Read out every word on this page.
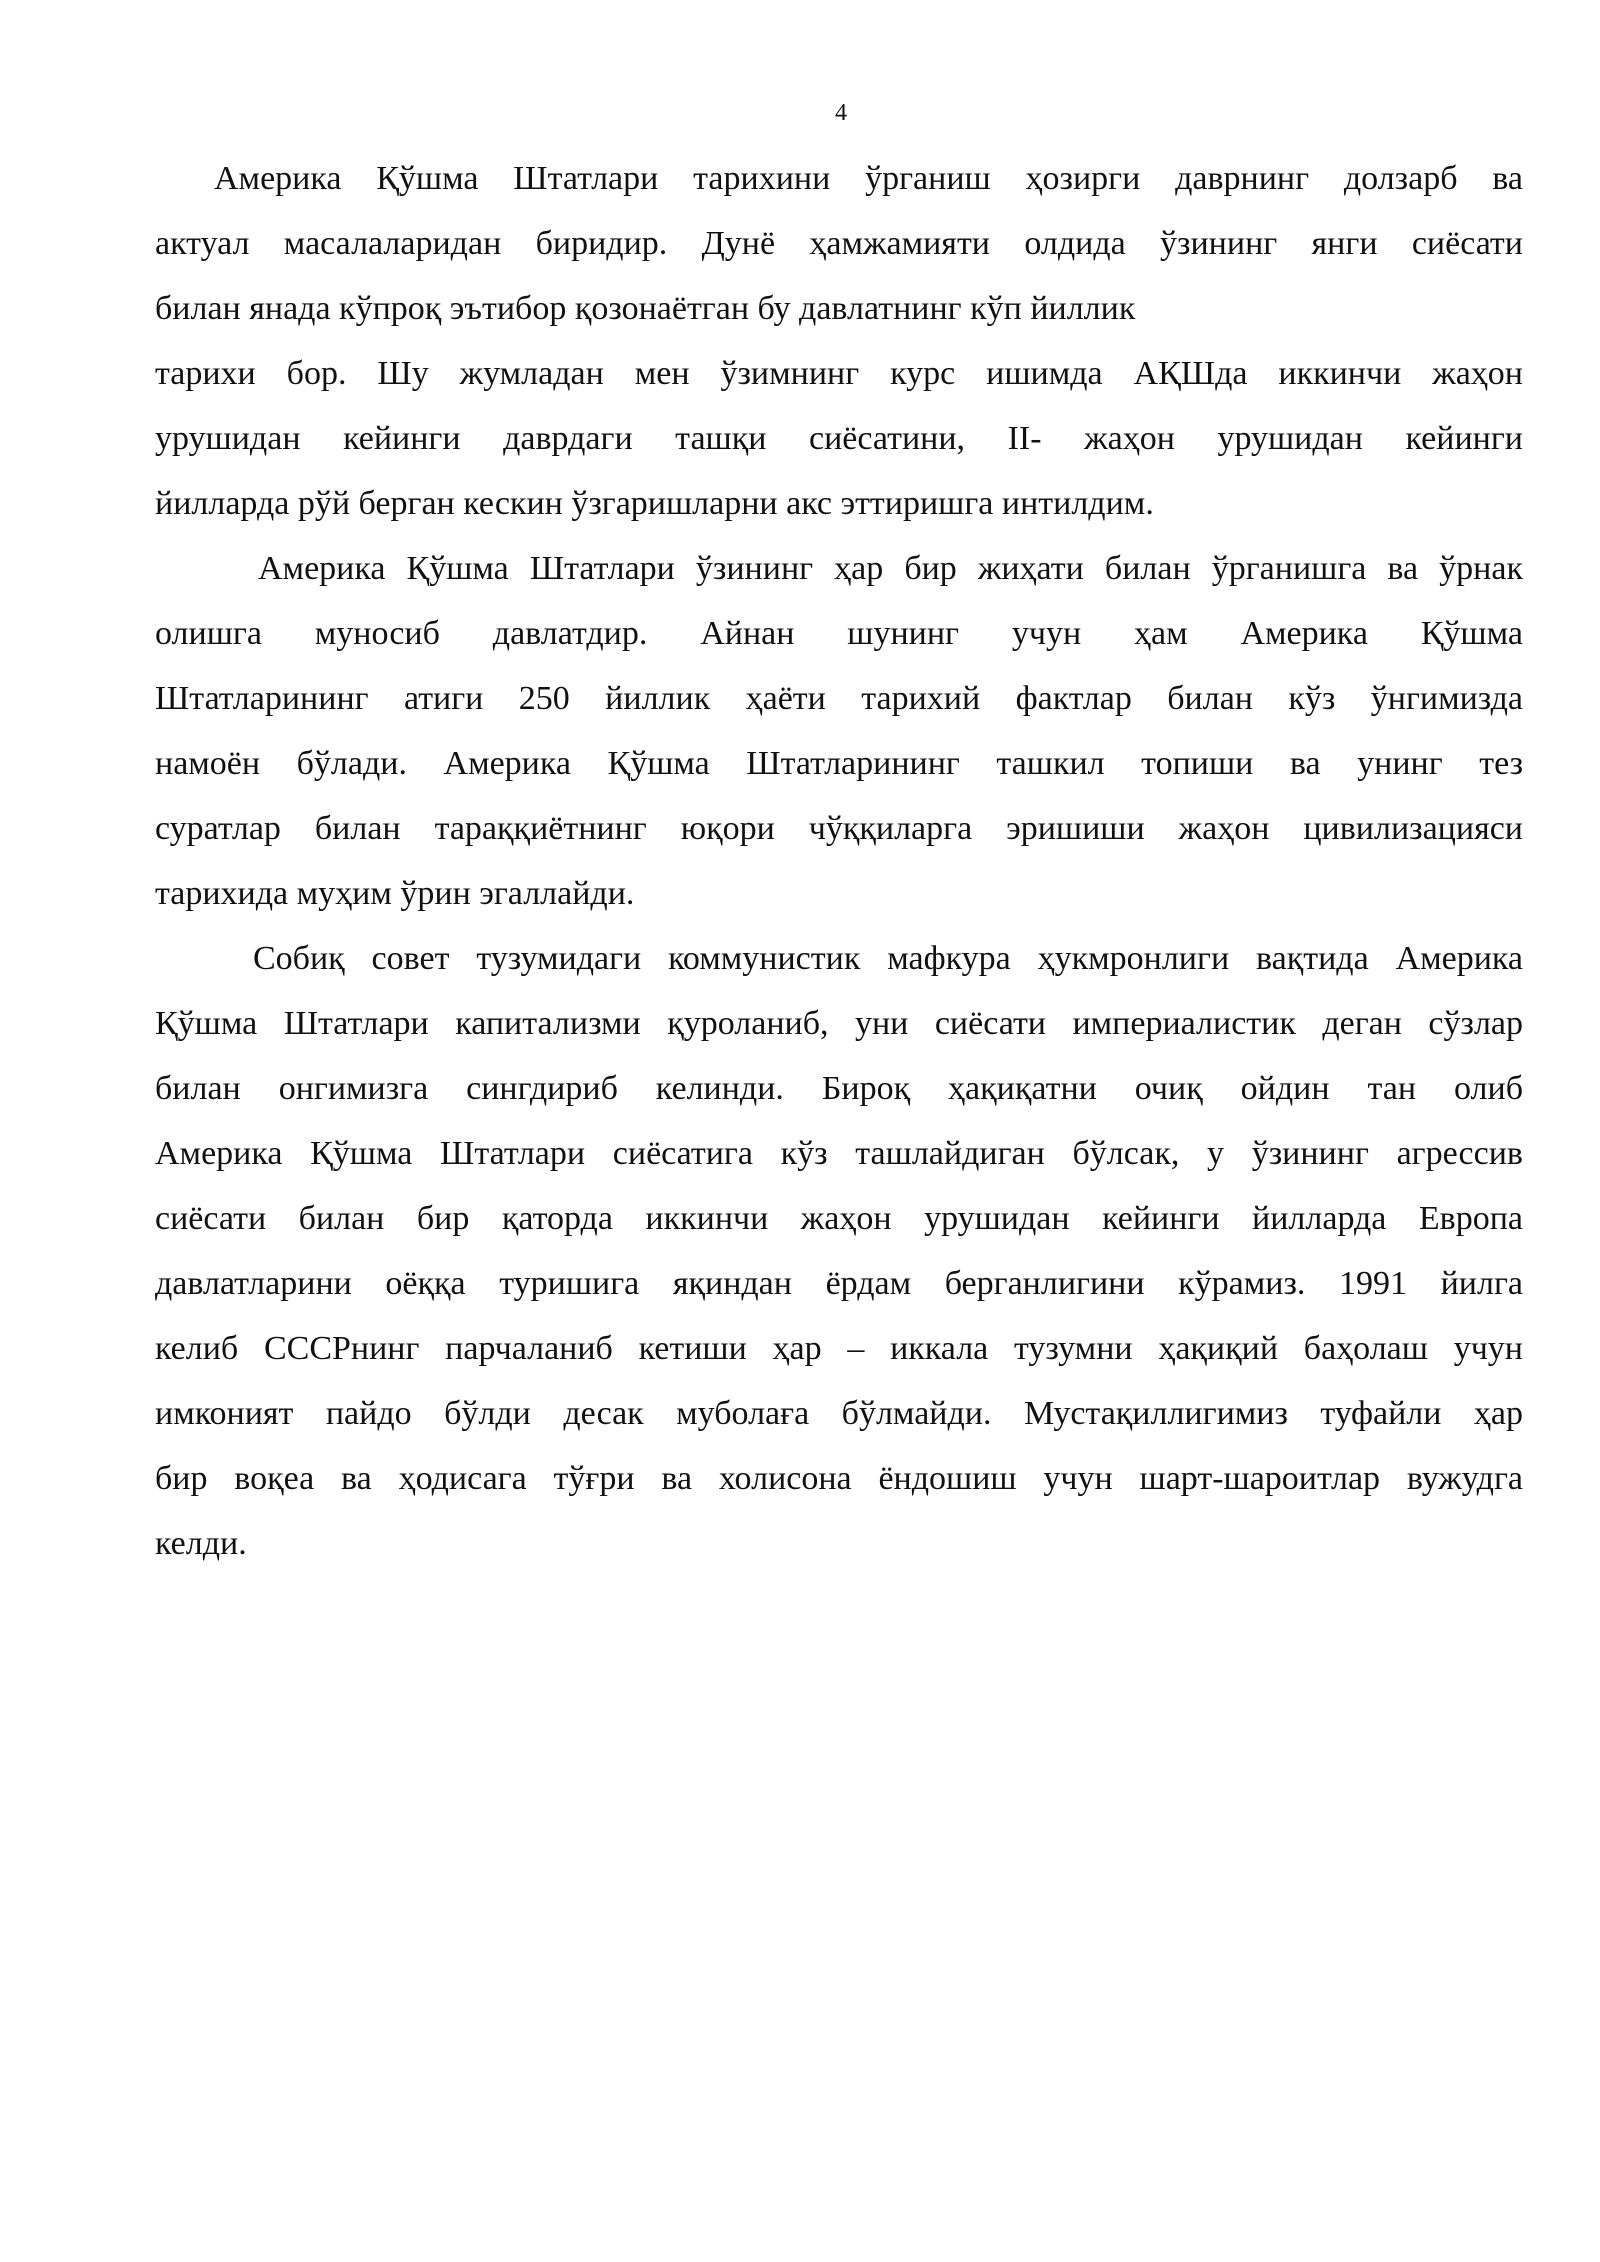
4

Америка Қўшма Штатлари тарихини ўрганиш ҳозирги даврнинг долзарб ва
актуал масалаларидан биридир. Дунё ҳамжамияти олдида ўзининг янги сиёсати
билан янада кўпроқ эътибор қозонаётган бу давлатнинг кўп йиллик

тарихи бор. Шу жумладан мен ўзимнинг курс ишимда АҚШда иккинчи жаҳон
урушидан кейинги даврдаги ташқи сиёсатини, II- жаҳон урушидан кейинги
йилларда рўй берган кескин ўзгаришларни акс эттиришга интилдим.

Америка Қўшма Штатлари ўзининг ҳар бир жиҳати билан ўрганишга ва ўрнак
олишга муносиб давлатдир. Айнан шунинг учун ҳам Америка Қўшма
Штатларининг атиги 250 йиллик ҳаёти тарихий фактлар билан кўз ўнгимизда
намоён бўлади. Америка Қўшма Штатларининг ташкил топиши ва унинг тез
суратлар билан тараққиётнинг юқори чўққиларга эришиши жаҳон цивилизацияси
тарихида муҳим ўрин эгаллайди.

Собиқ совет тузумидаги коммунистик мафкура ҳукмронлиги вақтида Америка
Қўшма Штатлари капитализми қуроланиб, уни сиёсати империалистик деган сўзлар
билан онгимизга сингдириб келинди. Бироқ ҳақиқатни очиқ ойдин тан олиб
Америка Қўшма Штатлари сиёсатига кўз ташлайдиган бўлсак, у ўзининг агрессив
сиёсати билан бир қаторда иккинчи жаҳон урушидан кейинги йилларда Европа
давлатларини оёққа туришига яқиндан ёрдам берганлигини кўрамиз. 1991 йилга
келиб СССРнинг парчаланиб кетиши ҳар – иккала тузумни ҳақиқий баҳолаш учун
имконият пайдо бўлди десак муболаға бўлмайди. Мустақиллигимиз туфайли ҳар
бир воқеа ва ҳодисага тўғри ва холисона ёндошиш учун шарт-шароитлар вужудга
келди.
